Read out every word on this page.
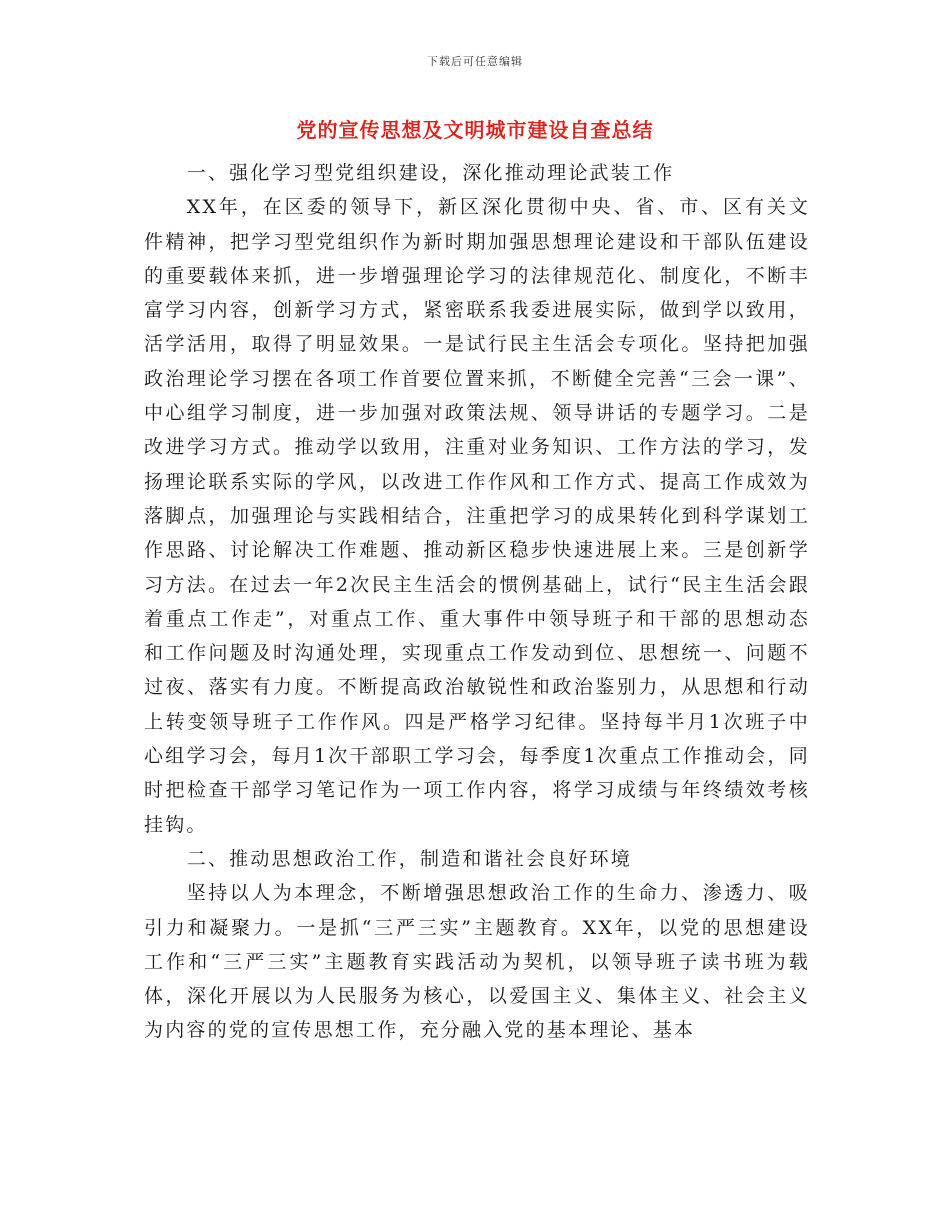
下载后可任意编辑
党的宣传思想及文明城市建设自查总结

一、强化学习型党组织建设，深化推动理论武装工作

XX年，在区委的领导下，新区深化贯彻中央、省、市、区有关文件精神，把学习型党组织作为新时期加强思想理论建设和干部队伍建设的重要载体来抓，进一步增强理论学习的法律规范化、制度化，不断丰富学习内容，创新学习方式，紧密联系我委进展实际，做到学以致用，活学活用，取得了明显效果。一是试行民主生活会专项化。坚持把加强政治理论学习摆在各项工作首要位置来抓，不断健全完善“三会一课”、中心组学习制度，进一步加强对政策法规、领导讲话的专题学习。二是改进学习方式。推动学以致用，注重对业务知识、工作方法的学习，发扬理论联系实际的学风，以改进工作作风和工作方式、提高工作成效为落脚点，加强理论与实践相结合，注重把学习的成果转化到科学谋划工作思路、讨论解决工作难题、推动新区稳步快速进展上来。三是创新学习方法。在过去一年2次民主生活会的惯例基础上，试行“民主生活会跟着重点工作走”，对重点工作、重大事件中领导班子和干部的思想动态和工作问题及时沟通处理，实现重点工作发动到位、思想统一、问题不过夜、落实有力度。不断提高政治敏锐性和政治鉴别力，从思想和行动上转变领导班子工作作风。四是严格学习纪律。坚持每半月1次班子中心组学习会，每月1次干部职工学习会，每季度1次重点工作推动会，同时把检查干部学习笔记作为一项工作内容，将学习成绩与年终绩效考核挂钩。

二、推动思想政治工作，制造和谐社会良好环境

坚持以人为本理念，不断增强思想政治工作的生命力、渗透力、吸引力和凝聚力。一是抓“三严三实”主题教育。XX年，以党的思想建设工作和“三严三实”主题教育实践活动为契机，以领导班子读书班为载体，深化开展以为人民服务为核心，以爱国主义、集体主义、社会主义为内容的党的宣传思想工作，充分融入党的基本理论、基本
